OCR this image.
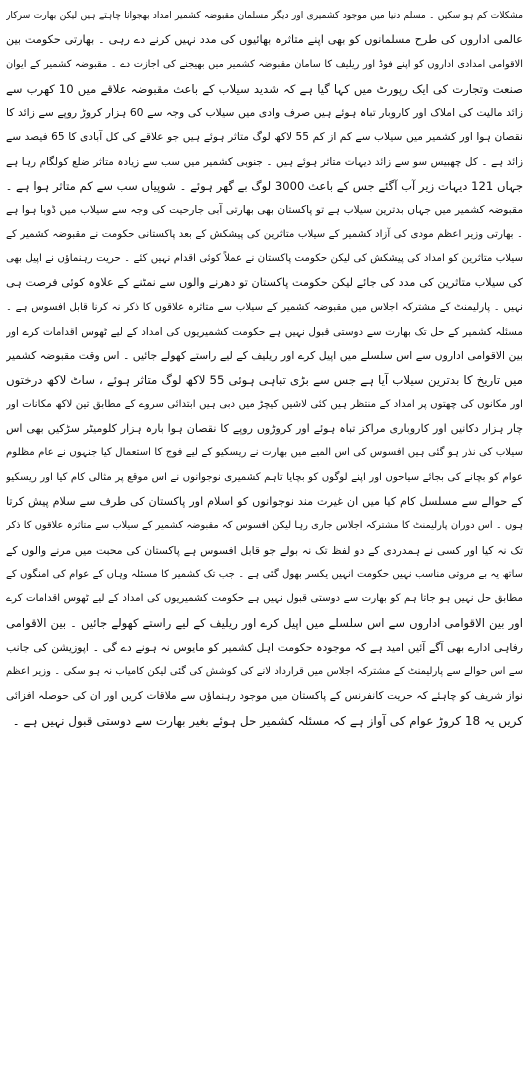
مشکلات کم ہو سکیں ۔ مسلم دنیا میں موجود کشمیری اور دیگر مسلمان مقبوضہ کشمیر امداد بھجوانا چاہتے ہیں لیکن بھارت سرکار
عالمی اداروں کی طرح مسلمانوں کو بھی اپنے متاثرہ بھائیوں کی مدد نہیں کرنے دے رہی ۔ بھارتی حکومت بین
الاقوامی امدادی اداروں کو اپنے فوڈ اور ریلیف کا سامان مقبوضہ کشمیر میں بھیجنے کی اجازت دے ۔ مقبوضہ کشمیر کے ایوان
صنعت وتجارت کی ایک رپورٹ میں کہا گیا ہے کہ شدید سیلاب کے باعث مقبوضہ علاقے میں 10 کھرب سے
زائد مالیت کی املاک اور کاروبار تباہ ہوئے ہیں صرف وادی میں سیلاب کی وجہ سے 60 ہزار کروڑ روپے سے زائد کا
نقصان ہوا اور کشمیر میں سیلاب سے کم از کم 55 لاکھ لوگ متاثر ہوئے ہیں جو علاقے کی کل آبادی کا 65 فیصد سے
زائد ہے ۔ کل چھبیس سو سے زائد دیہات متاثر ہوئے ہیں ۔ جنوبی کشمیر میں سب سے زیادہ متاثر ضلع کولگام رہا ہے
جہاں 121 دیہات زیر آب آگئے جس کے باعث 3000 لوگ بے گھر ہوئے ۔ شوپیاں سب سے کم متاثر ہوا ہے ۔
مقبوضہ کشمیر میں جہاں بدترین سیلاب ہے تو پاکستان بھی بھارتی آبی جارحیت کی وجہ سے سیلاب میں ڈوبا ہوا ہے
۔ بھارتی وزیر اعظم مودی کی آزاد کشمیر کے سیلاب متاثرین کی پیشکش کے بعد پاکستانی حکومت نے مقبوضہ کشمیر کے
سیلاب متاثرین کو امداد کی پیشکش کی لیکن حکومت پاکستان نے عملاً کوئی اقدام نہیں کئے ۔ حریت رہنماؤں نے اپیل بھی
کی سیلاب متاثرین کی مدد کی جائے لیکن حکومت پاکستان تو دھرنے والوں سے نمٹنے کے علاوہ کوئی فرصت ہی
نہیں ۔ پارلیمنٹ کے مشترکہ اجلاس میں مقبوضہ کشمیر کے سیلاب سے متاثرہ علاقوں کا ذکر نہ کرنا قابل افسوس ہے ۔
مسئلہ کشمیر کے حل تک بھارت سے دوستی قبول نہیں ہے حکومت کشمیریوں کی امداد کے لیے ٹھوس اقدامات کرے اور
بین الاقوامی اداروں سے اس سلسلے میں اپیل کرے اور ریلیف کے لیے راستے کھولے جائیں ۔ اس وقت مقبوضہ کشمیر
میں تاریخ کا بدترین سیلاب آیا ہے جس سے بڑی تباہی ہوئی 55 لاکھ لوگ متاثر ہوئے ، ساٹ لاکھ درختوں
اور مکانوں کی چھتوں پر امداد کے منتظر ہیں کئی لاشیں کیچڑ میں دبی ہیں ابتدائی سروے کے مطابق تین لاکھ مکانات اور
چار ہزار دکانیں اور کاروباری مراکز تباہ ہوئے اور کروڑوں روپے کا نقصان ہوا بارہ ہزار کلومیٹر سڑکیں بھی اس
سیلاب کی نذر ہو گئی ہیں افسوس کی اس المیے میں بھارت نے ریسکیو کے لیے فوج کا استعمال کیا جنہوں نے عام مظلوم
عوام کو بچانے کی بجائے سیاحوں اور اپنے لوگوں کو بچایا تاہم کشمیری نوجوانوں نے اس موقع پر مثالی کام کیا اور ریسکیو
کے حوالے سے مسلسل کام کیا میں ان غیرت مند نوجوانوں کو اسلام اور پاکستان کی طرف سے سلام پیش کرتا
ہوں ۔ اس دوران پارلیمنٹ کا مشترکہ اجلاس جاری رہا لیکن افسوس کہ مقبوضہ کشمیر کے سیلاب سے متاثرہ علاقوں کا ذکر
تک نہ کیا اور کسی نے ہمدردی کے دو لفظ تک نہ بولے جو قابل افسوس ہے پاکستان کی محبت میں مرنے والوں کے
ساتھ یہ بے مروتی مناسب نہیں حکومت انہیں یکسر بھول گئی ہے ۔ جب تک کشمیر کا مسئلہ وہاں کے عوام کی امنگوں کے
مطابق حل نہیں ہو جاتا ہم کو بھارت سے دوستی قبول نہیں ہے حکومت کشمیریوں کی امداد کے لیے ٹھوس اقدامات کرے
اور بین الاقوامی اداروں سے اس سلسلے میں اپیل کرے اور ریلیف کے لیے راستے کھولے جائیں ۔ بین الاقوامی
رفاہی ادارے بھی آگے آئیں امید ہے کہ موجودہ حکومت اہل کشمیر کو مایوس نہ ہونے دے گی ۔ اپوزیشن کی جانب
سے اس حوالے سے پارلیمنٹ کے مشترکہ اجلاس میں قرارداد لانے کی کوشش کی گئی لیکن کامیاب نہ ہو سکی ۔ وزیر اعظم
نواز شریف کو چاہئے کہ حریت کانفرنس کے پاکستان میں موجود رہنماؤں سے ملاقات کریں اور ان کی حوصلہ افزائی
کریں یہ 18 کروڑ عوام کی آواز ہے کہ مسئلہ کشمیر حل ہوئے بغیر بھارت سے دوستی قبول نہیں ہے ۔
